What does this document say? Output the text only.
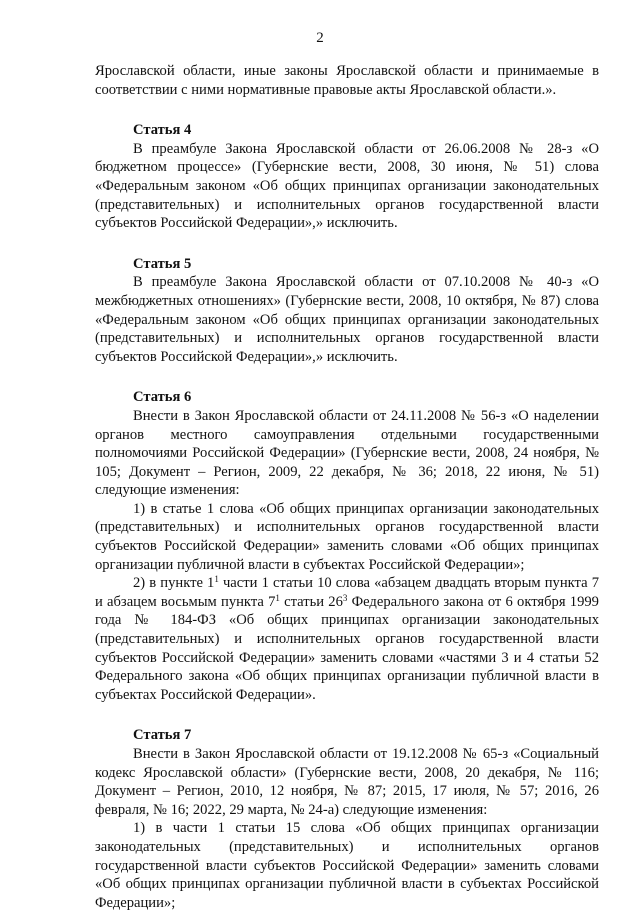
2

Ярославской области, иные законы Ярославской области и принимаемые в соответствии с ними нормативные правовые акты Ярославской области.».

Статья 4

В преамбуле Закона Ярославской области от 26.06.2008 № 28-з «О бюджетном процессе» (Губернские вести, 2008, 30 июня, № 51) слова «Федеральным законом «Об общих принципах организации законодательных (представительных) и исполнительных органов государственной власти субъектов Российской Федерации»,» исключить.

Статья 5

В преамбуле Закона Ярославской области от 07.10.2008 № 40-з «О межбюджетных отношениях» (Губернские вести, 2008, 10 октября, № 87) слова «Федеральным законом «Об общих принципах организации законодательных (представительных) и исполнительных органов государственной власти субъектов Российской Федерации»,» исключить.

Статья 6

Внести в Закон Ярославской области от 24.11.2008 № 56-з «О наделении органов местного самоуправления отдельными государственными полномочиями Российской Федерации» (Губернские вести, 2008, 24 ноября, № 105; Документ – Регион, 2009, 22 декабря, № 36; 2018, 22 июня, № 51) следующие изменения:

1) в статье 1 слова «Об общих принципах организации законодательных (представительных) и исполнительных органов государственной власти субъектов Российской Федерации» заменить словами «Об общих принципах организации публичной власти в субъектах Российской Федерации»;

2) в пункте $1^1$ части 1 статьи 10 слова «абзацем двадцать вторым пункта 7 и абзацем восьмым пункта $7^1$ статьи $26^3$ Федерального закона от 6 октября 1999 года № 184-ФЗ «Об общих принципах организации законодательных (представительных) и исполнительных органов государственной власти субъектов Российской Федерации» заменить словами «частями 3 и 4 статьи 52 Федерального закона «Об общих принципах организации публичной власти в субъектах Российской Федерации».

Статья 7

Внести в Закон Ярославской области от 19.12.2008 № 65-з «Социальный кодекс Ярославской области» (Губернские вести, 2008, 20 декабря, № 116; Документ – Регион, 2010, 12 ноября, № 87; 2015, 17 июля, № 57; 2016, 26 февраля, № 16; 2022, 29 марта, № 24-а) следующие изменения:

1) в части 1 статьи 15 слова «Об общих принципах организации законодательных (представительных) и исполнительных органов государственной власти субъектов Российской Федерации» заменить словами «Об общих принципах организации публичной власти в субъектах Российской Федерации»;
